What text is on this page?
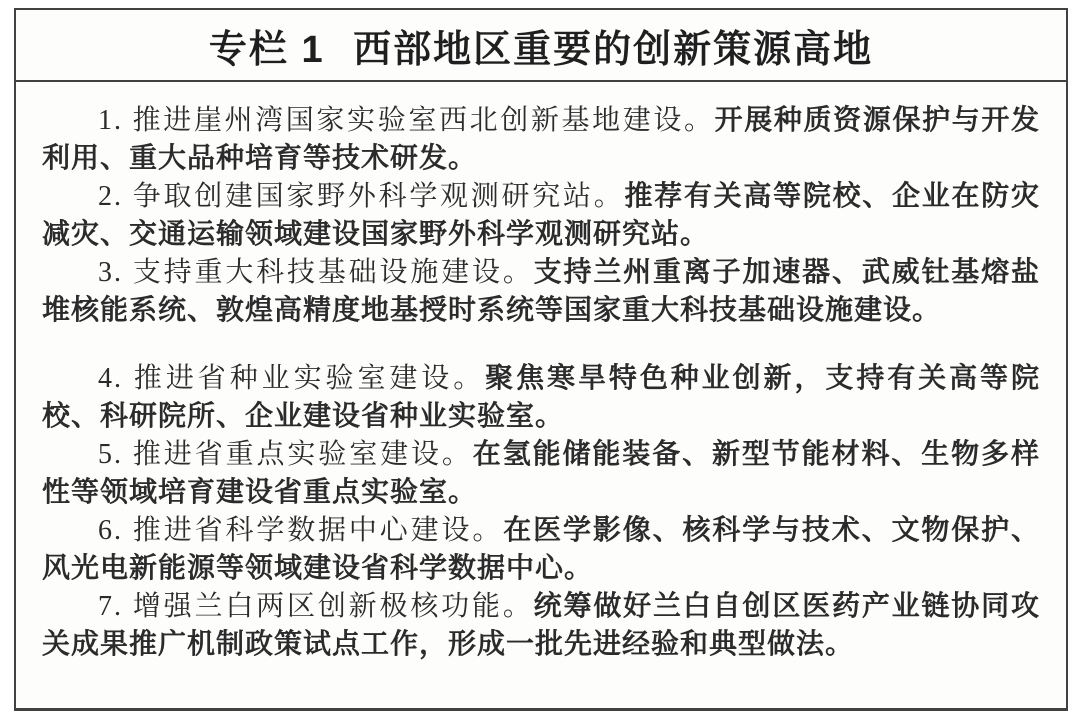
专栏 1 西部地区重要的创新策源高地

1. 推进崖州湾国家实验室西北创新基地建设。开展种质资源保护与开发利用、重大品种培育等技术研发。

2. 争取创建国家野外科学观测研究站。推荐有关高等院校、企业在防灾减灾、交通运输领域建设国家野外科学观测研究站。

3. 支持重大科技基础设施建设。支持兰州重离子加速器、武威钍基熔盐堆核能系统、敦煌高精度地基授时系统等国家重大科技基础设施建设。

4. 推进省种业实验室建设。聚焦寒旱特色种业创新，支持有关高等院校、科研院所、企业建设省种业实验室。

5. 推进省重点实验室建设。在氢能储能装备、新型节能材料、生物多样性等领域培育建设省重点实验室。

6. 推进省科学数据中心建设。在医学影像、核科学与技术、文物保护、风光电新能源等领域建设省科学数据中心。

7. 增强兰白两区创新极核功能。统筹做好兰白自创区医药产业链协同攻关成果推广机制政策试点工作，形成一批先进经验和典型做法。
